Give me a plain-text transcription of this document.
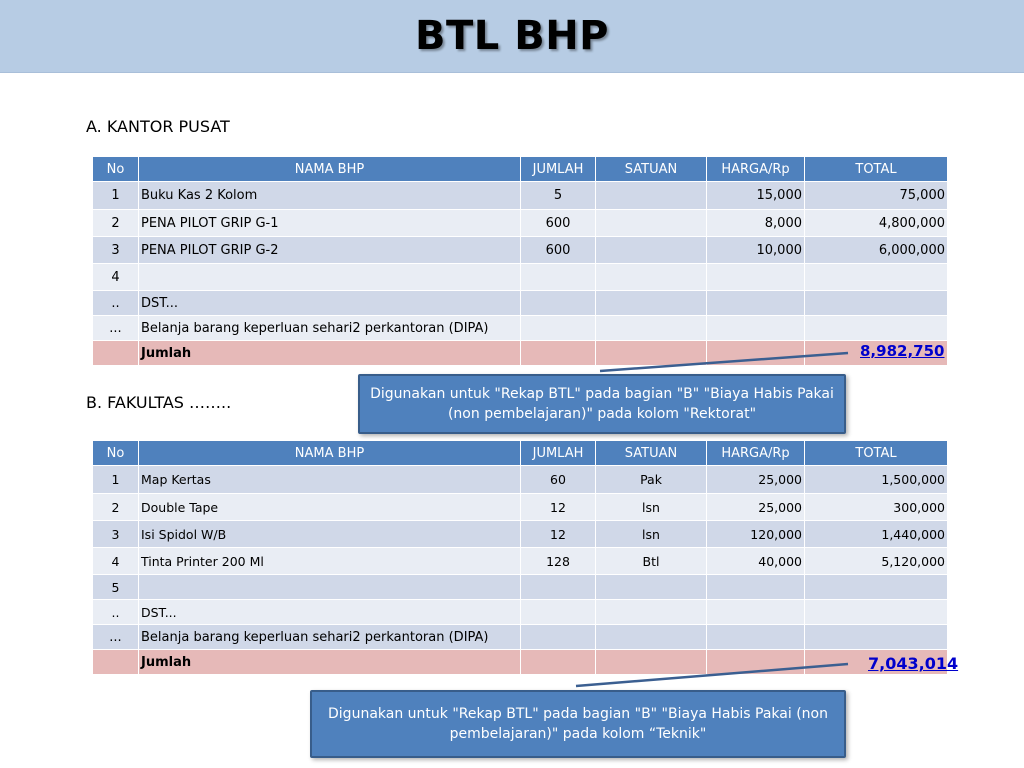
BTL BHP
A. KANTOR PUSAT
No	NAMA BHP	JUMLAH	SATUAN	HARGA/Rp	TOTAL
1	Buku Kas 2 Kolom	5		15,000	75,000
2	PENA PILOT GRIP G-1	600		8,000	4,800,000
3	PENA PILOT GRIP G-2	600		10,000	6,000,000
4					
..	DST...				
...	Belanja barang keperluan sehari2 perkantoran (DIPA)				
	Jumlah					8,982,750
Digunakan untuk "Rekap BTL" pada bagian "B" "Biaya Habis Pakai (non pembelajaran)" pada kolom "Rektorat"
B. FAKULTAS ……..
No	NAMA BHP	JUMLAH	SATUAN	HARGA/Rp	TOTAL
1	Map Kertas	60	Pak	25,000	1,500,000
2	Double Tape	12	lsn	25,000	300,000
3	Isi Spidol W/B	12	lsn	120,000	1,440,000
4	Tinta Printer 200 Ml	128	Btl	40,000	5,120,000
5					
..	DST...				
...	Belanja barang keperluan sehari2 perkantoran (DIPA)				
	Jumlah					7,043,014
Digunakan untuk "Rekap BTL" pada bagian "B" "Biaya Habis Pakai (non pembelajaran)" pada kolom “Teknik"
